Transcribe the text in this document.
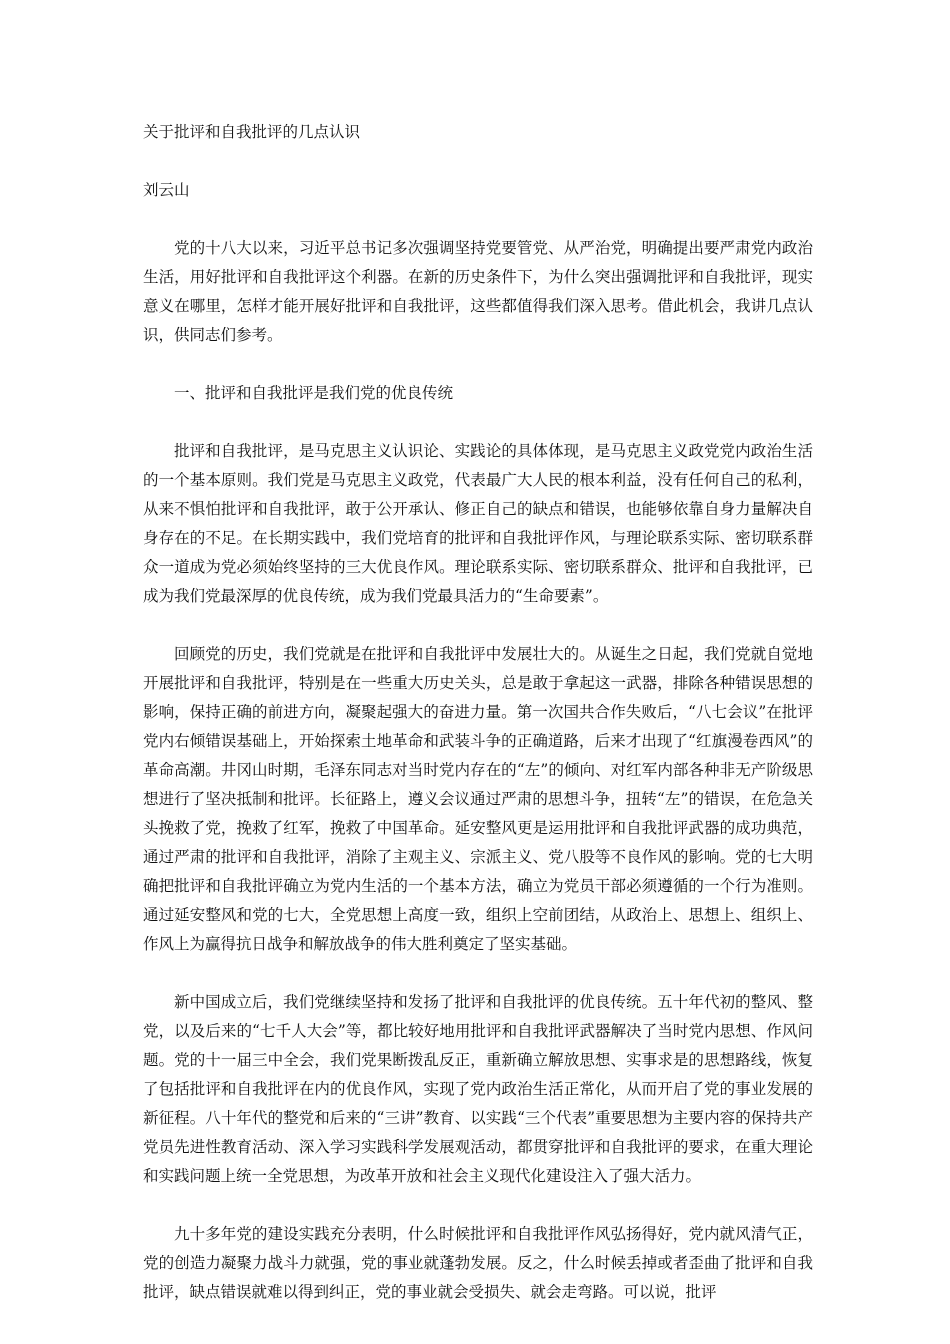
关于批评和自我批评的几点认识

刘云山

党的十八大以来，习近平总书记多次强调坚持党要管党、从严治党，明确提出要严肃党内政治生活，用好批评和自我批评这个利器。在新的历史条件下，为什么突出强调批评和自我批评，现实意义在哪里，怎样才能开展好批评和自我批评，这些都值得我们深入思考。借此机会，我讲几点认识，供同志们参考。

一、批评和自我批评是我们党的优良传统

批评和自我批评，是马克思主义认识论、实践论的具体体现，是马克思主义政党党内政治生活的一个基本原则。我们党是马克思主义政党，代表最广大人民的根本利益，没有任何自己的私利，从来不惧怕批评和自我批评，敢于公开承认、修正自己的缺点和错误，也能够依靠自身力量解决自身存在的不足。在长期实践中，我们党培育的批评和自我批评作风，与理论联系实际、密切联系群众一道成为党必须始终坚持的三大优良作风。理论联系实际、密切联系群众、批评和自我批评，已成为我们党最深厚的优良传统，成为我们党最具活力的“生命要素”。

回顾党的历史，我们党就是在批评和自我批评中发展壮大的。从诞生之日起，我们党就自觉地开展批评和自我批评，特别是在一些重大历史关头，总是敢于拿起这一武器，排除各种错误思想的影响，保持正确的前进方向，凝聚起强大的奋进力量。第一次国共合作失败后，“八七会议”在批评党内右倾错误基础上，开始探索土地革命和武装斗争的正确道路，后来才出现了“红旗漫卷西风”的革命高潮。井冈山时期，毛泽东同志对当时党内存在的“左”的倾向、对红军内部各种非无产阶级思想进行了坚决抵制和批评。长征路上，遵义会议通过严肃的思想斗争，扭转“左”的错误，在危急关头挽救了党，挽救了红军，挽救了中国革命。延安整风更是运用批评和自我批评武器的成功典范，通过严肃的批评和自我批评，消除了主观主义、宗派主义、党八股等不良作风的影响。党的七大明确把批评和自我批评确立为党内生活的一个基本方法，确立为党员干部必须遵循的一个行为准则。通过延安整风和党的七大，全党思想上高度一致，组织上空前团结，从政治上、思想上、组织上、作风上为赢得抗日战争和解放战争的伟大胜利奠定了坚实基础。

新中国成立后，我们党继续坚持和发扬了批评和自我批评的优良传统。五十年代初的整风、整党，以及后来的“七千人大会”等，都比较好地用批评和自我批评武器解决了当时党内思想、作风问题。党的十一届三中全会，我们党果断拨乱反正，重新确立解放思想、实事求是的思想路线，恢复了包括批评和自我批评在内的优良作风，实现了党内政治生活正常化，从而开启了党的事业发展的新征程。八十年代的整党和后来的“三讲”教育、以实践“三个代表”重要思想为主要内容的保持共产党员先进性教育活动、深入学习实践科学发展观活动，都贯穿批评和自我批评的要求，在重大理论和实践问题上统一全党思想，为改革开放和社会主义现代化建设注入了强大活力。

九十多年党的建设实践充分表明，什么时候批评和自我批评作风弘扬得好，党内就风清气正，党的创造力凝聚力战斗力就强，党的事业就蓬勃发展。反之，什么时候丢掉或者歪曲了批评和自我批评，缺点错误就难以得到纠正，党的事业就会受损失、就会走弯路。可以说，批评
